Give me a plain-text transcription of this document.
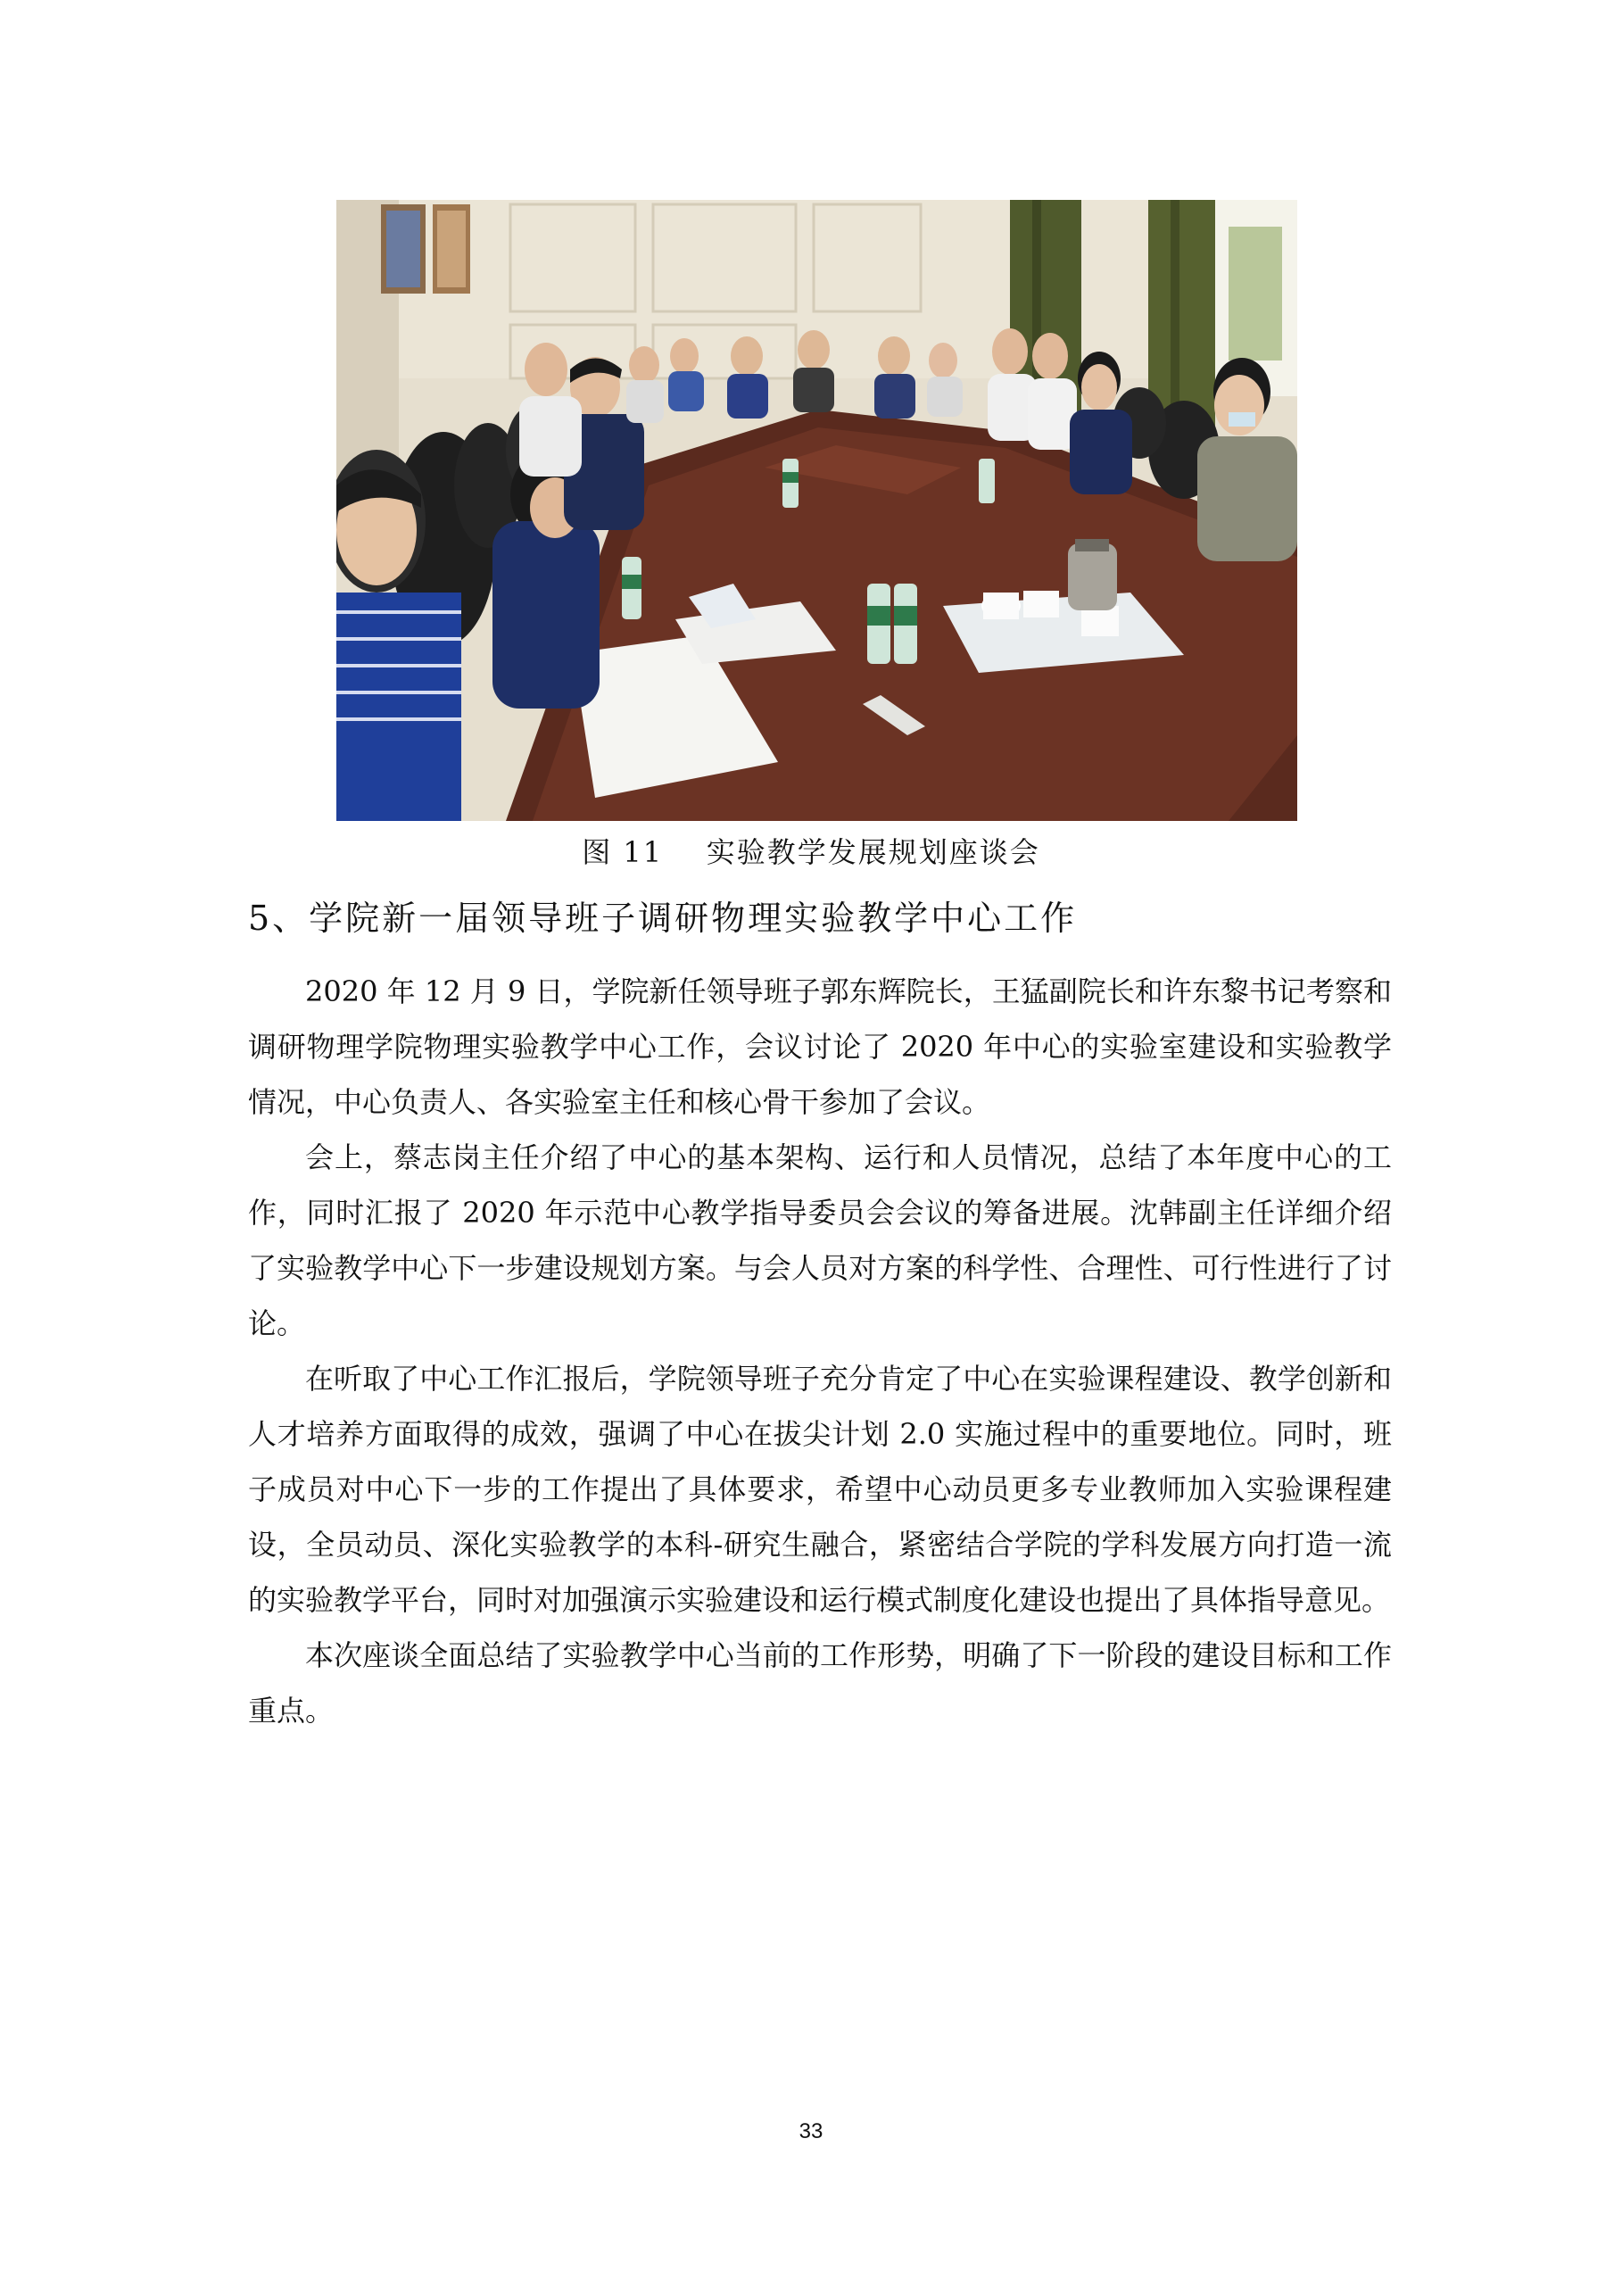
图 11    实验教学发展规划座谈会
5、学院新一届领导班子调研物理实验教学中心工作

2020 年 12 月 9 日，学院新任领导班子郭东辉院长，王猛副院长和许东黎书记考察和调研物理学院物理实验教学中心工作，会议讨论了 2020 年中心的实验室建设和实验教学情况，中心负责人、各实验室主任和核心骨干参加了会议。

会上，蔡志岗主任介绍了中心的基本架构、运行和人员情况，总结了本年度中心的工作，同时汇报了 2020 年示范中心教学指导委员会会议的筹备进展。沈韩副主任详细介绍了实验教学中心下一步建设规划方案。与会人员对方案的科学性、合理性、可行性进行了讨论。

在听取了中心工作汇报后，学院领导班子充分肯定了中心在实验课程建设、教学创新和人才培养方面取得的成效，强调了中心在拔尖计划 2.0 实施过程中的重要地位。同时，班子成员对中心下一步的工作提出了具体要求，希望中心动员更多专业教师加入实验课程建设，全员动员、深化实验教学的本科-研究生融合，紧密结合学院的学科发展方向打造一流的实验教学平台，同时对加强演示实验建设和运行模式制度化建设也提出了具体指导意见。

本次座谈全面总结了实验教学中心当前的工作形势，明确了下一阶段的建设目标和工作重点。

33
